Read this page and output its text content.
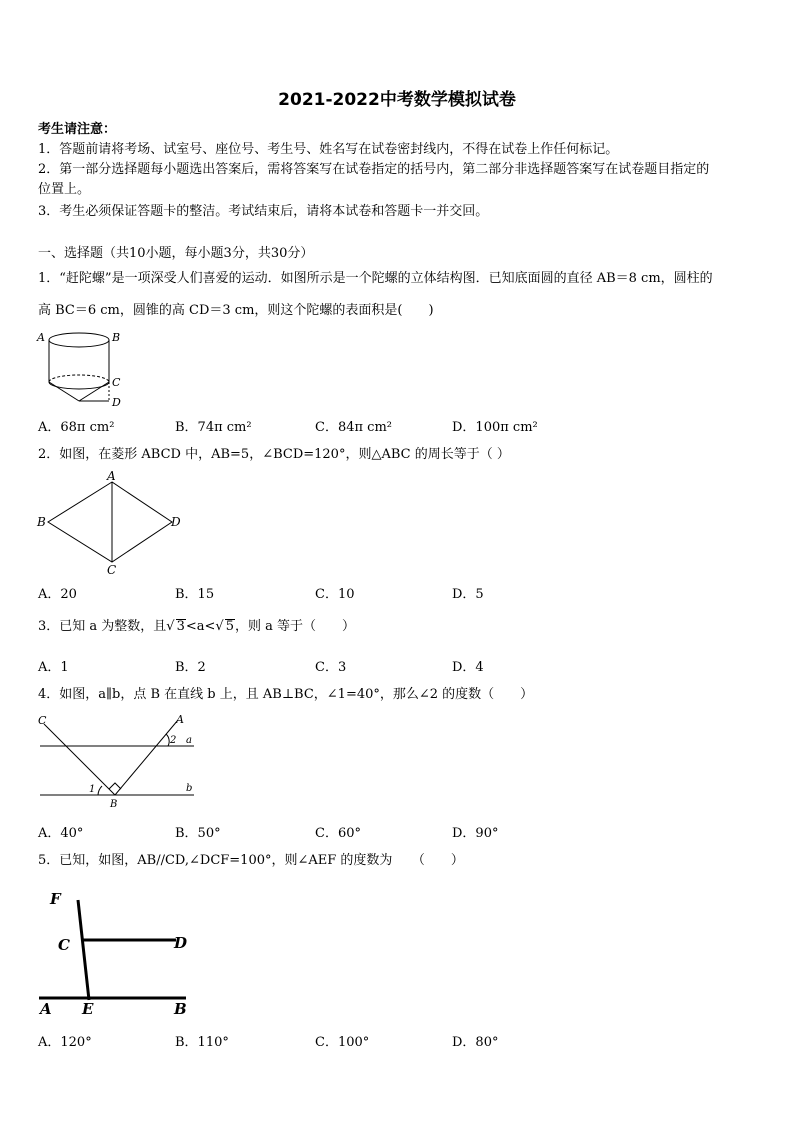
2021-2022中考数学模拟试卷
考生请注意：
1．答题前请将考场、试室号、座位号、考生号、姓名写在试卷密封线内，不得在试卷上作任何标记。
2．第一部分选择题每小题选出答案后，需将答案写在试卷指定的括号内，第二部分非选择题答案写在试卷题目指定的
位置上。
3．考生必须保证答题卡的整洁。考试结束后，请将本试卷和答题卡一并交回。
一、选择题（共10小题，每小题3分，共30分）
1．“赶陀螺”是一项深受人们喜爱的运动．如图所示是一个陀螺的立体结构图．已知底面圆的直径 AB＝8 cm，圆柱的
高 BC＝6 cm，圆锥的高 CD＝3 cm，则这个陀螺的表面积是(　　)
A	B
C
D
A．68π cm²	B．74π cm²	C．84π cm²	D．100π cm²
2．如图，在菱形 ABCD 中，AB=5，∠BCD=120°，则△ABC 的周长等于（ ）
A
B
C
D
A．20	B．15	C．10	D．5
3．已知 a 为整数，且√ 3<a<√ 5，则 a 等于（　　）
A．1	B．2	C．3	D．4
4．如图，a∥b，点 B 在直线 b 上，且 AB⊥BC，∠1=40°，那么∠2 的度数（　　）
C	A
2 a
1
B
b
A．40°	B．50°	C．60°	D．90°
5．已知，如图，AB//CD,∠DCF=100°，则∠AEF 的度数为　　（　　）
F
C	D
A E	B
A．120°	B．110°	C．100°	D．80°
